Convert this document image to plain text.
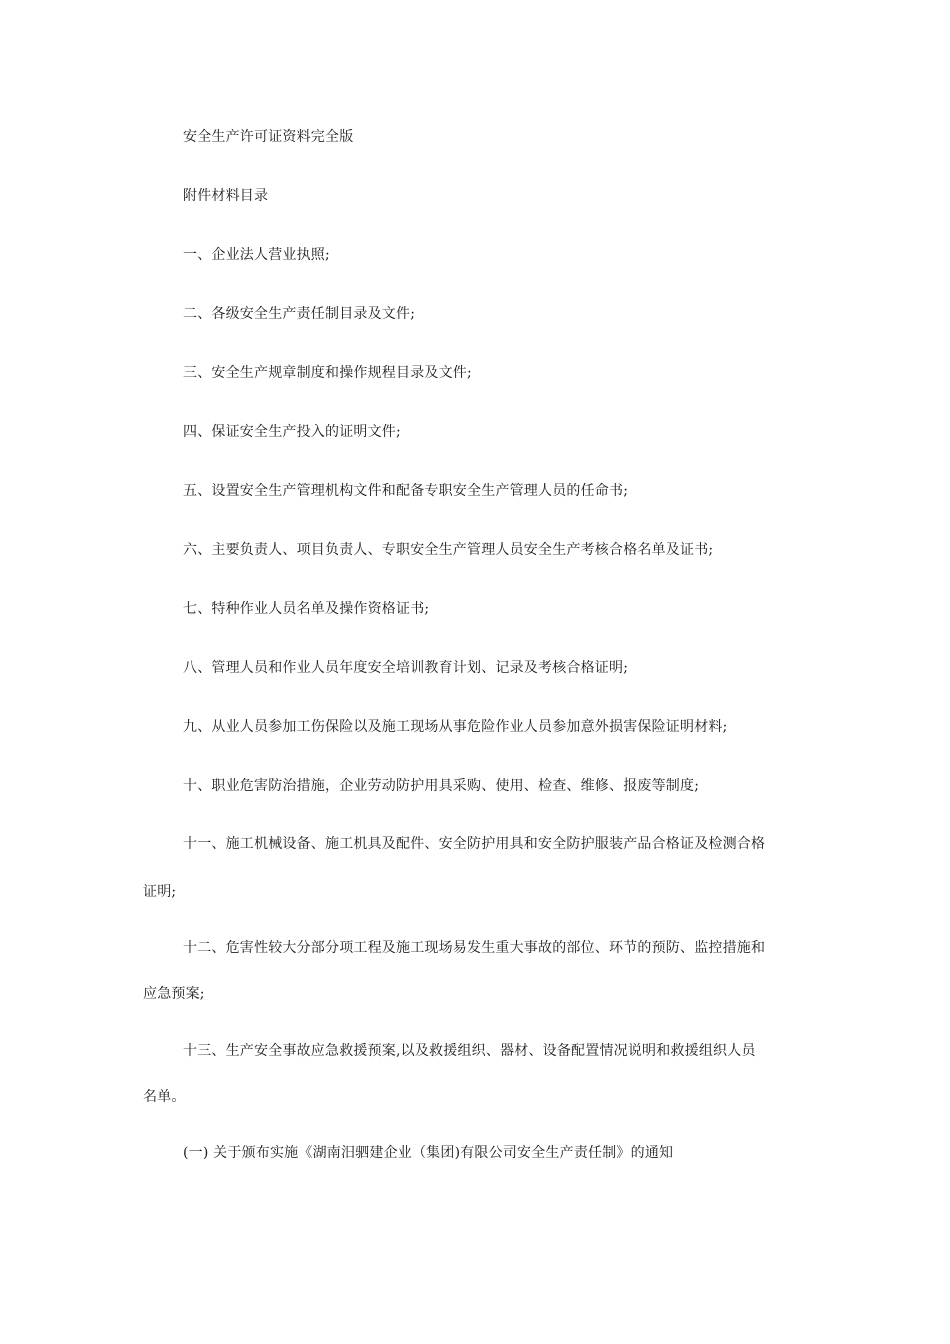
安全生产许可证资料完全版
附件材料目录
一、企业法人营业执照;
二、各级安全生产责任制目录及文件;
三、安全生产规章制度和操作规程目录及文件;
四、保证安全生产投入的证明文件;
五、设置安全生产管理机构文件和配备专职安全生产管理人员的任命书;
六、主要负责人、项目负责人、专职安全生产管理人员安全生产考核合格名单及证书;
七、特种作业人员名单及操作资格证书;
八、管理人员和作业人员年度安全培训教育计划、记录及考核合格证明;
九、从业人员参加工伤保险以及施工现场从事危险作业人员参加意外损害保险证明材料;
十、职业危害防治措施，企业劳动防护用具采购、使用、检查、维修、报废等制度;
十一、施工机械设备、施工机具及配件、安全防护用具和安全防护服装产品合格证及检测合格
证明;
十二、危害性较大分部分项工程及施工现场易发生重大事故的部位、环节的预防、监控措施和
应急预案;
十三、生产安全事故应急救援预案,以及救援组织、器材、设备配置情况说明和救援组织人员
名单。
(一) 关于颁布实施《湖南汨驷建企业（集团)有限公司安全生产责任制》的通知
